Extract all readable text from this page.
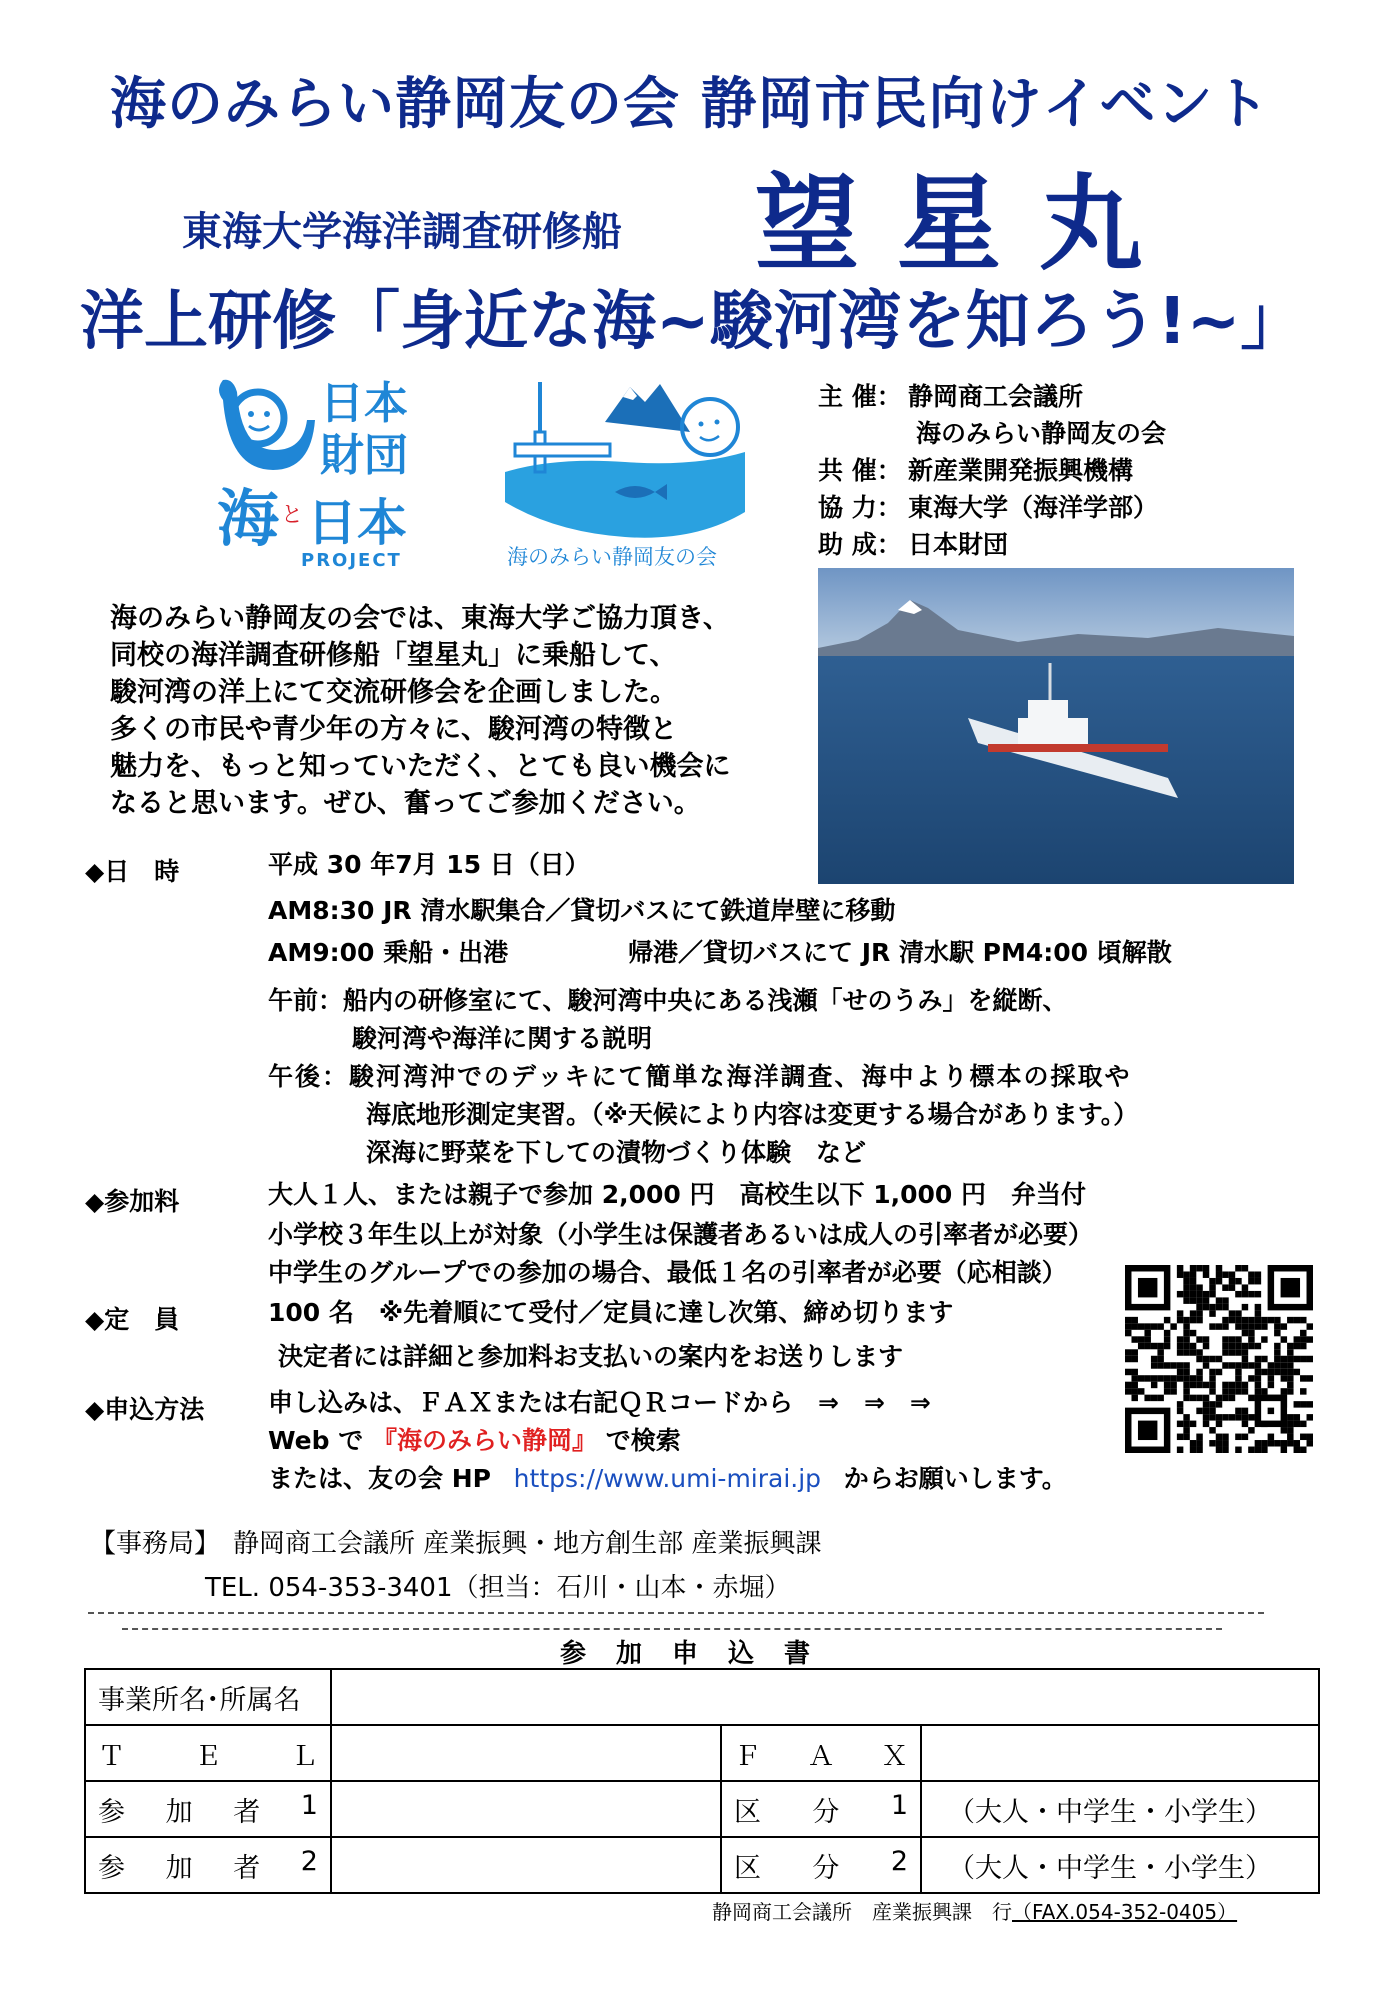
海のみらい静岡友の会 静岡市民向けイベント
東海大学海洋調査研修船 望星丸
洋上研修「身近な海~駿河湾を知ろう!~」
日本
財団
海 と 日本
PROJECT	海のみらい静岡友の会
主 催： 静岡商工会議所
海のみらい静岡友の会
共 催： 新産業開発振興機構
協 力： 東海大学（海洋学部）
助 成： 日本財団
海のみらい静岡友の会では、東海大学ご協力頂き、
同校の海洋調査研修船「望星丸」に乗船して、
駿河湾の洋上にて交流研修会を企画しました。
多くの市民や青少年の方々に、駿河湾の特徴と
魅力を、もっと知っていただく、とても良い機会に
なると思います。ぜひ、奮ってご参加ください。
◆日　時	平成 30 年7月 15 日（日）
AM8:30 JR 清水駅集合／貸切バスにて鉄道岸壁に移動
AM9:00 乗船・出港	帰港／貸切バスにて JR 清水駅 PM4:00 頃解散
午前：船内の研修室にて、駿河湾中央にある浅瀬「せのうみ」を縦断、
駿河湾や海洋に関する説明
午後：駿河湾沖でのデッキにて簡単な海洋調査、海中より標本の採取や
海底地形測定実習。（※天候により内容は変更する場合があります。）
深海に野菜を下しての漬物づくり体験　など
◆参加料	大人１人、または親子で参加 2,000 円　高校生以下 1,000 円　弁当付
小学校３年生以上が対象（小学生は保護者あるいは成人の引率者が必要）
中学生のグループでの参加の場合、最低１名の引率者が必要（応相談）
◆定　員	100 名　※先着順にて受付／定員に達し次第、締め切ります
決定者には詳細と参加料お支払いの案内をお送りします
◆申込方法	申し込みは、ＦＡＸまたは右記ＱＲコードから　⇒　⇒　⇒
Web で 『海のみらい静岡』 で検索
または、友の会 HP https://www.umi-mirai.jp からお願いします。
【事務局】　静岡商工会議所 産業振興・地方創生部 産業振興課
TEL. 054-353-3401（担当：石川・山本・赤堀）
参加申込書
事業所名･所属名			

Ｔ Ｅ Ｌ		Ｆ Ａ Ｘ	

参 加 者 1		区 分 1	（大人・中学生・小学生）

参 加 者 2		区 分 2	（大人・中学生・小学生）
静岡商工会議所　産業振興課　行（FAX.054-352-0405）
